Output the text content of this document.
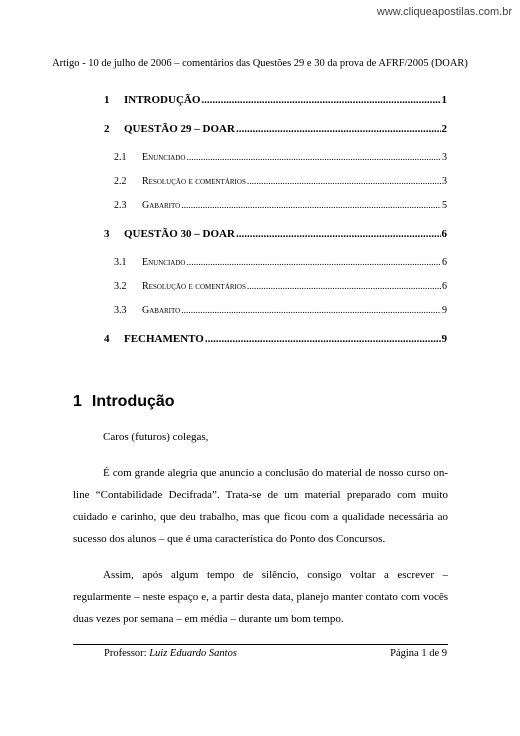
www.cliqueapostilas.com.br
Artigo - 10 de julho de 2006 – comentários das Questões 29 e 30 da prova de AFRF/2005 (DOAR)
1	INTRODUÇÃO .....	1
2	QUESTÃO 29 – DOAR .....	2
2.1	Enunciado .....	3
2.2	Resolução e comentários .....	3
2.3	Gabarito .....	5
3	QUESTÃO 30 – DOAR .....	6
3.1	Enunciado .....	6
3.2	Resolução e comentários .....	6
3.3	Gabarito .....	9
4	FECHAMENTO .....	9
1 Introdução

Caros (futuros) colegas,

É com grande alegria que anuncio a conclusão do material de nosso curso on-line “Contabilidade Decifrada”. Trata-se de um material preparado com muito cuidado e carinho, que deu trabalho, mas que ficou com a qualidade necessária ao sucesso dos alunos – que é uma característica do Ponto dos Concursos.

Assim, após algum tempo de silêncio, consigo voltar a escrever – regularmente – neste espaço e, a partir desta data, planejo manter contato com vocês duas vezes por semana – em média – durante um bom tempo.

Professor: Luiz Eduardo Santos	Página 1 de 9
